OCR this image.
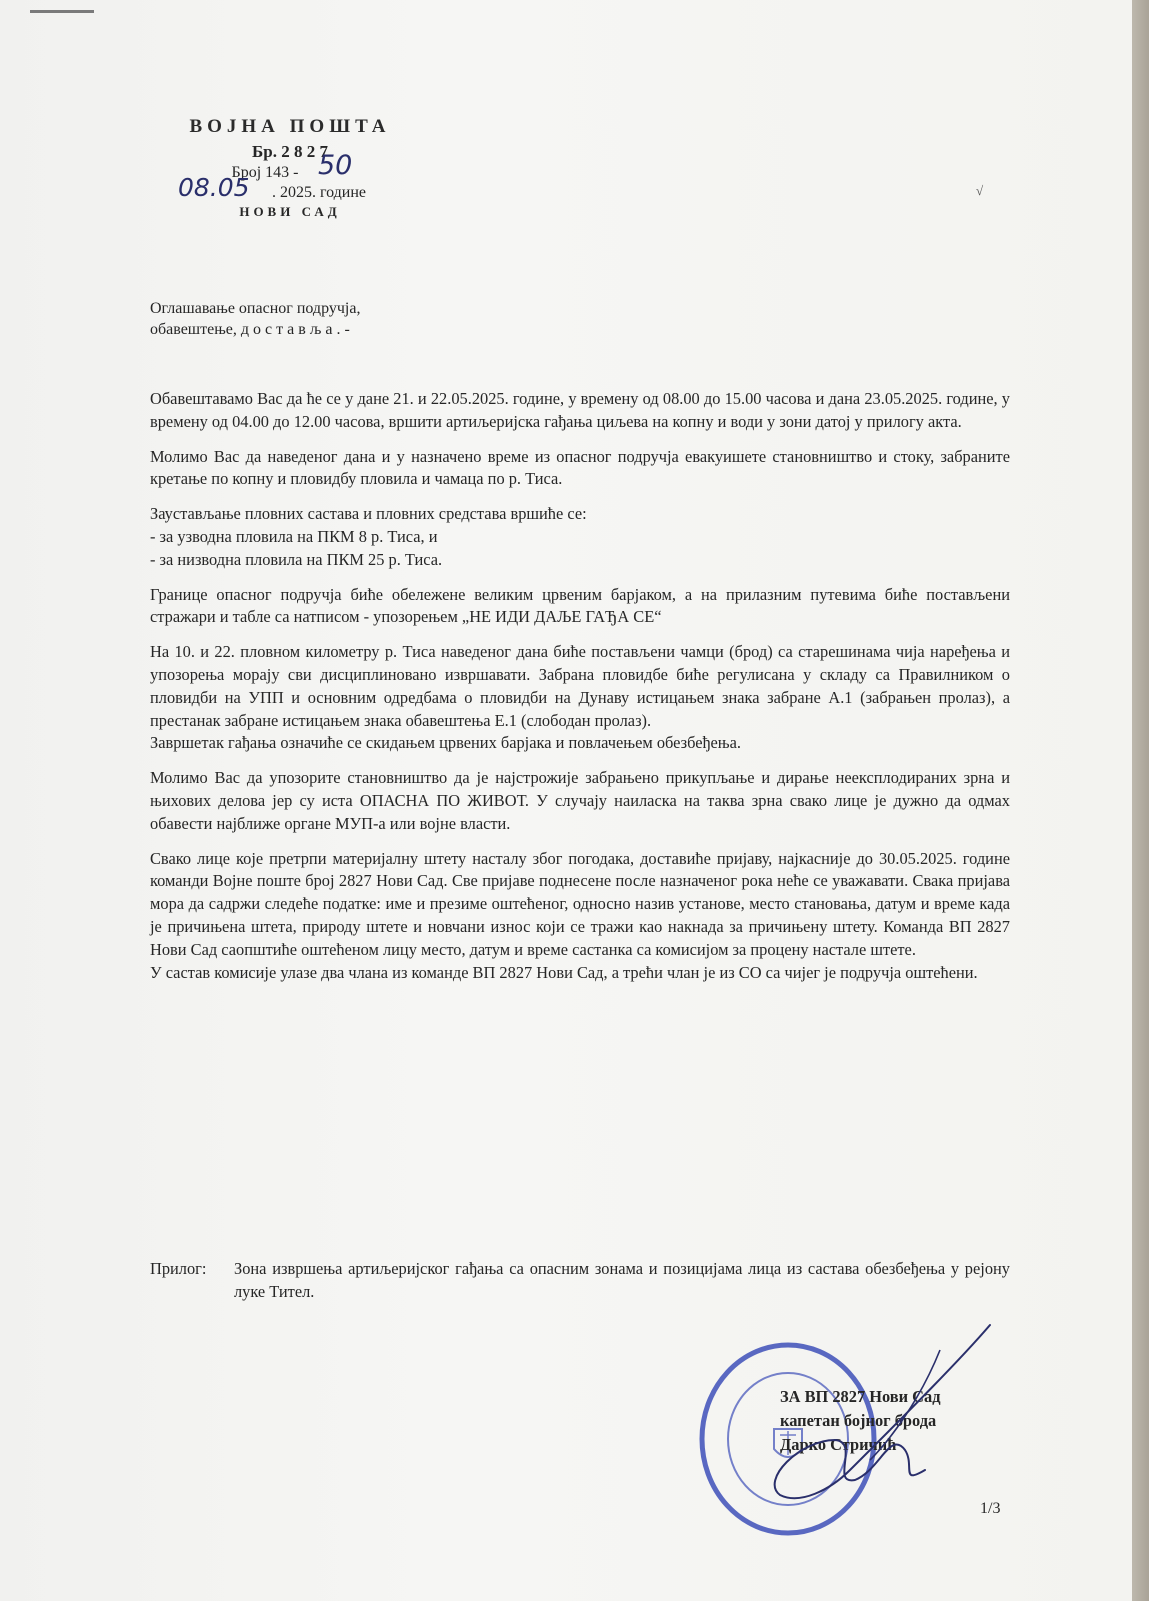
ВОЈНА ПОШТА
Бр. 2 8 2 7
Број 143 -
. 2025. године
НОВИ САД
50
08.05	√
Оглашавање опасног подручја,
обавештење, д о с т а в љ а . -

Обавештавамо Вас да ће се у дане 21. и 22.05.2025. године, у времену од 08.00 до 15.00 часова и дана 23.05.2025. године, у времену од 04.00 до 12.00 часова, вршити артиљеријска гађања циљева на копну и води у зони датој у прилогу акта.

Молимо Вас да наведеног дана и у назначено време из опасног подручја евакуишете становништво и стоку, забраните кретање по копну и пловидбу пловила и чамаца по р. Тиса.

Заустављање пловних састава и пловних средстава вршиће се:

- за узводна пловила на ПКМ 8 р. Тиса, и

- за низводна пловила на ПКМ 25 р. Тиса.

Границе опасног подручја биће обележене великим црвеним барјаком, а на прилазним путевима биће постављени стражари и табле са натписом - упозорењем „НЕ ИДИ ДАЉЕ ГАЂА СЕ“

На 10. и 22. пловном километру р. Тиса наведеног дана биће постављени чамци (брод) са старешинама чија наређења и упозорења морају сви дисциплиновано извршавати. Забрана пловидбе биће регулисана у складу са Правилником о пловидби на УПП и основним одредбама о пловидби на Дунаву истицањем знака забране А.1 (забрањен пролаз), а престанак забране истицањем знака обавештења Е.1 (слободан пролаз).

Завршетак гађања означиће се скидањем црвених барјака и повлачењем обезбеђења.

Молимо Вас да упозорите становништво да је најстрожије забрањено прикупљање и дирање неексплодираних зрна и њихових делова јер су иста ОПАСНА ПО ЖИВОТ. У случају наиласка на таква зрна свако лице је дужно да одмах обавести најближе органе МУП-а или војне власти.

Свако лице које претрпи материјалну штету насталу због погодака, доставиће пријаву, најкасније до 30.05.2025. године команди Војне поште број 2827 Нови Сад. Све пријаве поднесене после назначеног рока неће се уважавати. Свака пријава мора да садржи следеће податке: име и презиме оштећеног, односно назив установе, место становања, датум и време када је причињена штета, природу штете и новчани износ који се тражи као накнада за причињену штету. Команда ВП 2827 Нови Сад саопштиће оштећеном лицу место, датум и време састанка са комисијом за процену настале штете.

У састав комисије улазе два члана из команде ВП 2827 Нови Сад, а трећи члан је из СО са чијег је подручја оштећени.

Прилог:	Зона извршења артиљеријског гађања са опасним зонама и позицијама лица из састава обезбеђења у рејону луке Тител.
ЗА ВП 2827 Нови Сад
капетан бојног брода
Дарко Стричић
1/3
